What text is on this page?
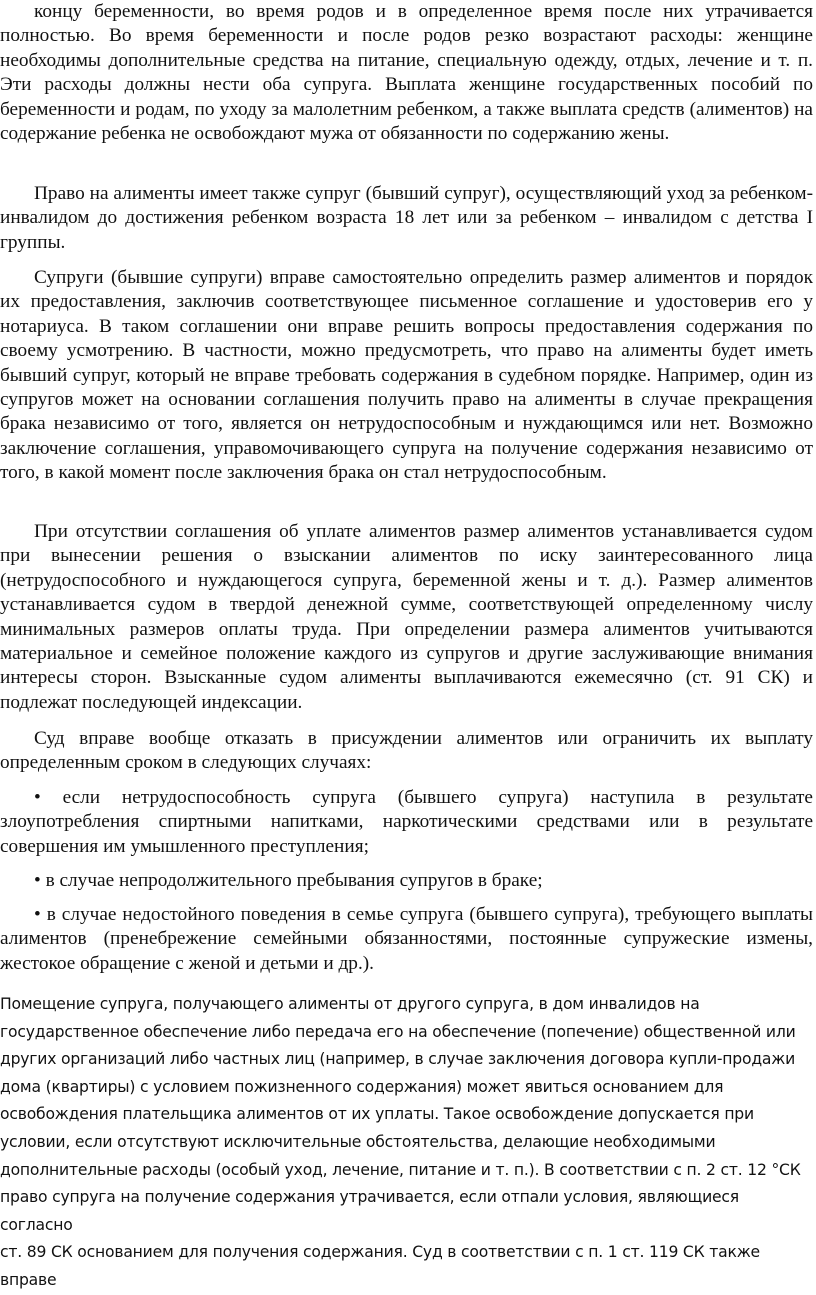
концу беременности, во время родов и в определенное время после них утрачивается полностью. Во время беременности и после родов резко возрастают расходы: женщине необходимы дополнительные средства на питание, специальную одежду, отдых, лечение и т. п. Эти расходы должны нести оба супруга. Выплата женщине государственных пособий по беременности и родам, по уходу за малолетним ребенком, а также выплата средств (алиментов) на содержание ребенка не освобождают мужа от обязанности по содержанию жены.

Право на алименты имеет также супруг (бывший супруг), осуществляющий уход за ребенком-инвалидом до достижения ребенком возраста 18 лет или за ребенком – инвалидом с детства I группы.

Супруги (бывшие супруги) вправе самостоятельно определить размер алиментов и порядок их предоставления, заключив соответствующее письменное соглашение и удостоверив его у нотариуса. В таком соглашении они вправе решить вопросы предоставления содержания по своему усмотрению. В частности, можно предусмотреть, что право на алименты будет иметь бывший супруг, который не вправе требовать содержания в судебном порядке. Например, один из супругов может на основании соглашения получить право на алименты в случае прекращения брака независимо от того, является он нетрудоспособным и нуждающимся или нет. Возможно заключение соглашения, управомочивающего супруга на получение содержания независимо от того, в какой момент после заключения брака он стал нетрудоспособным.

При отсутствии соглашения об уплате алиментов размер алиментов устанавливается судом при вынесении решения о взыскании алиментов по иску заинтересованного лица (нетрудоспособного и нуждающегося супруга, беременной жены и т. д.). Размер алиментов устанавливается судом в твердой денежной сумме, соответствующей определенному числу минимальных размеров оплаты труда. При определении размера алиментов учитываются материальное и семейное положение каждого из супругов и другие заслуживающие внимания интересы сторон. Взысканные судом алименты выплачиваются ежемесячно (ст. 91 СК) и подлежат последующей индексации.

Суд вправе вообще отказать в присуждении алиментов или ограничить их выплату определенным сроком в следующих случаях:

• если нетрудоспособность супруга (бывшего супруга) наступила в результате злоупотребления спиртными напитками, наркотическими средствами или в результате совершения им умышленного преступления;

• в случае непродолжительного пребывания супругов в браке;

• в случае недостойного поведения в семье супруга (бывшего супруга), требующего выплаты алиментов (пренебрежение семейными обязанностями, постоянные супружеские измены, жестокое обращение с женой и детьми и др.).

Помещение супруга, получающего алименты от другого супруга, в дом инвалидов на
государственное обеспечение либо передача его на обеспечение (попечение) общественной или
других организаций либо частных лиц (например, в случае заключения договора купли-продажи
дома (квартиры) с условием пожизненного содержания) может явиться основанием для
освобождения плательщика алиментов от их уплаты. Такое освобождение допускается при
условии, если отсутствуют исключительные обстоятельства, делающие необходимыми
дополнительные расходы (особый уход, лечение, питание и т. п.). В соответствии с п. 2 ст. 12 °СК
право супруга на получение содержания утрачивается, если отпали условия, являющиеся согласно
ст. 89 СК основанием для получения содержания. Суд в соответствии с п. 1 ст. 119 СК также вправе
